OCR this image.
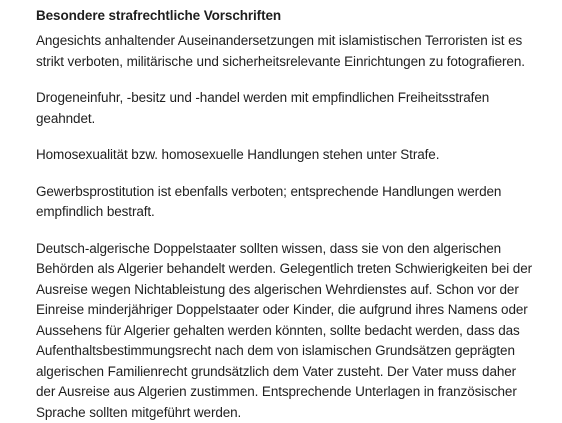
Besondere strafrechtliche Vorschriften

Angesichts anhaltender Auseinandersetzungen mit islamistischen Terroristen ist es strikt verboten, militärische und sicherheitsrelevante Einrichtungen zu fotografieren.

Drogeneinfuhr, -besitz und -handel werden mit empfindlichen Freiheitsstrafen geahndet.

Homosexualität bzw. homosexuelle Handlungen stehen unter Strafe.

Gewerbsprostitution ist ebenfalls verboten; entsprechende Handlungen werden empfindlich bestraft.

Deutsch-algerische Doppelstaater sollten wissen, dass sie von den algerischen Behörden als Algerier behandelt werden. Gelegentlich treten Schwierigkeiten bei der Ausreise wegen Nichtableistung des algerischen Wehrdienstes auf. Schon vor der Einreise minderjähriger Doppelstaater oder Kinder, die aufgrund ihres Namens oder Aussehens für Algerier gehalten werden könnten, sollte bedacht werden, dass das Aufenthaltsbestimmungsrecht nach dem von islamischen Grundsätzen geprägten algerischen Familienrecht grundsätzlich dem Vater zusteht. Der Vater muss daher der Ausreise aus Algerien zustimmen. Entsprechende Unterlagen in französischer Sprache sollten mitgeführt werden.
